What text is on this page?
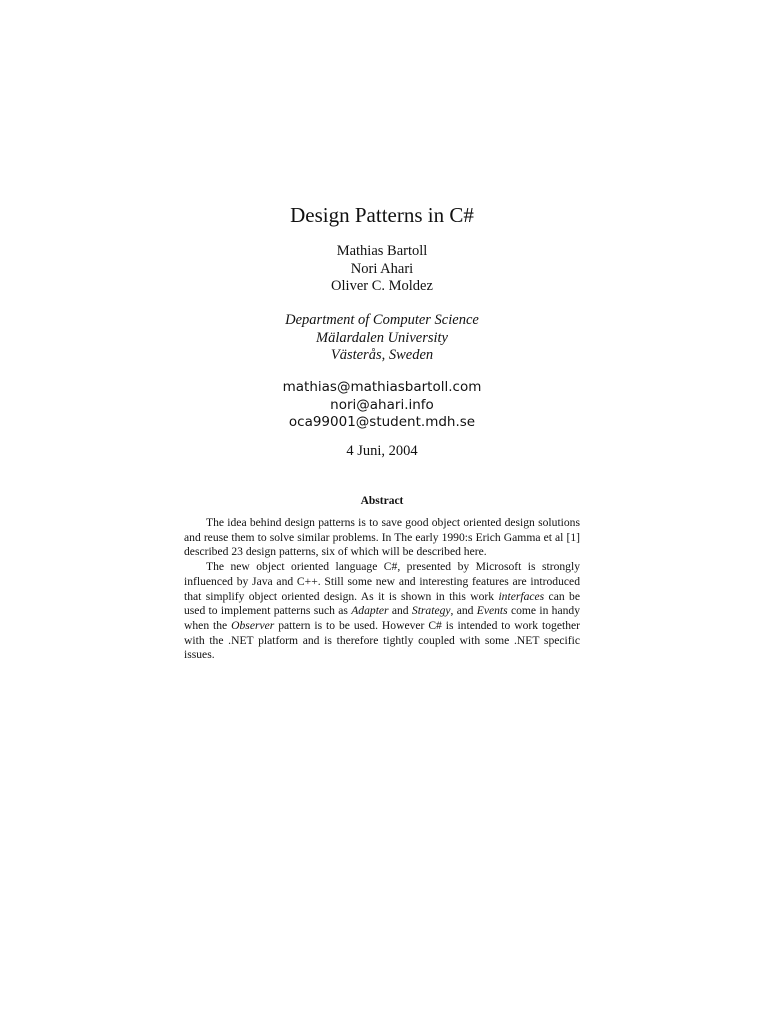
Design Patterns in C#
Mathias Bartoll
Nori Ahari
Oliver C. Moldez
Department of Computer Science
Mälardalen University
Västerås, Sweden
mathias@mathiasbartoll.com
nori@ahari.info
oca99001@student.mdh.se
4 Juni, 2004
Abstract

The idea behind design patterns is to save good object oriented design solutions and reuse them to solve similar problems. In The early 1990:s Erich Gamma et al [1] described 23 design patterns, six of which will be described here.

The new object oriented language C#, presented by Microsoft is strongly influenced by Java and C++. Still some new and interesting features are introduced that simplify object oriented design. As it is shown in this work interfaces can be used to implement patterns such as Adapter and Strategy, and Events come in handy when the Observer pattern is to be used. However C# is intended to work together with the .NET platform and is therefore tightly coupled with some .NET specific issues.
